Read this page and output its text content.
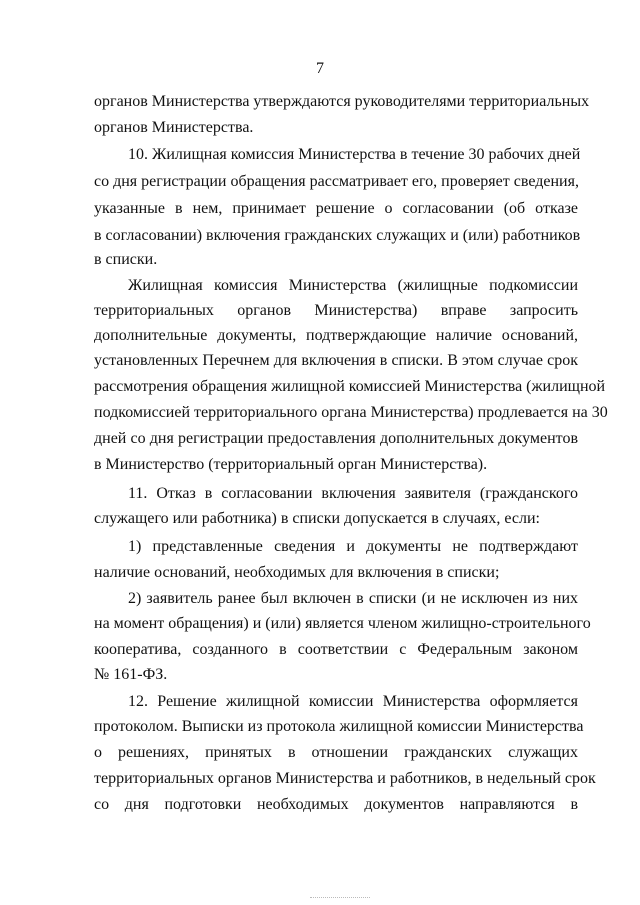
7
органов Министерства утверждаются руководителями территориальных
органов Министерства.
10. Жилищная комиссия Министерства в течение 30 рабочих дней
со дня регистрации обращения рассматривает его, проверяет сведения,
указанные в нем, принимает решение о согласовании (об отказе
в согласовании) включения гражданских служащих и (или) работников
в списки.
Жилищная комиссия Министерства (жилищные подкомиссии
территориальных органов Министерства) вправе запросить
дополнительные документы, подтверждающие наличие оснований,
установленных Перечнем для включения в списки. В этом случае срок
рассмотрения обращения жилищной комиссией Министерства (жилищной
подкомиссией территориального органа Министерства) продлевается на 30
дней со дня регистрации предоставления дополнительных документов
в Министерство (территориальный орган Министерства).
11. Отказ в согласовании включения заявителя (гражданского
служащего или работника) в списки допускается в случаях, если:
1) представленные сведения и документы не подтверждают
наличие оснований, необходимых для включения в списки;
2) заявитель ранее был включен в списки (и не исключен из них
на момент обращения) и (или) является членом жилищно-строительного
кооператива, созданного в соответствии с Федеральным законом
№ 161-ФЗ.
12. Решение жилищной комиссии Министерства оформляется
протоколом. Выписки из протокола жилищной комиссии Министерства
о решениях, принятых в отношении гражданских служащих
территориальных органов Министерства и работников, в недельный срок
со дня подготовки необходимых документов направляются в
